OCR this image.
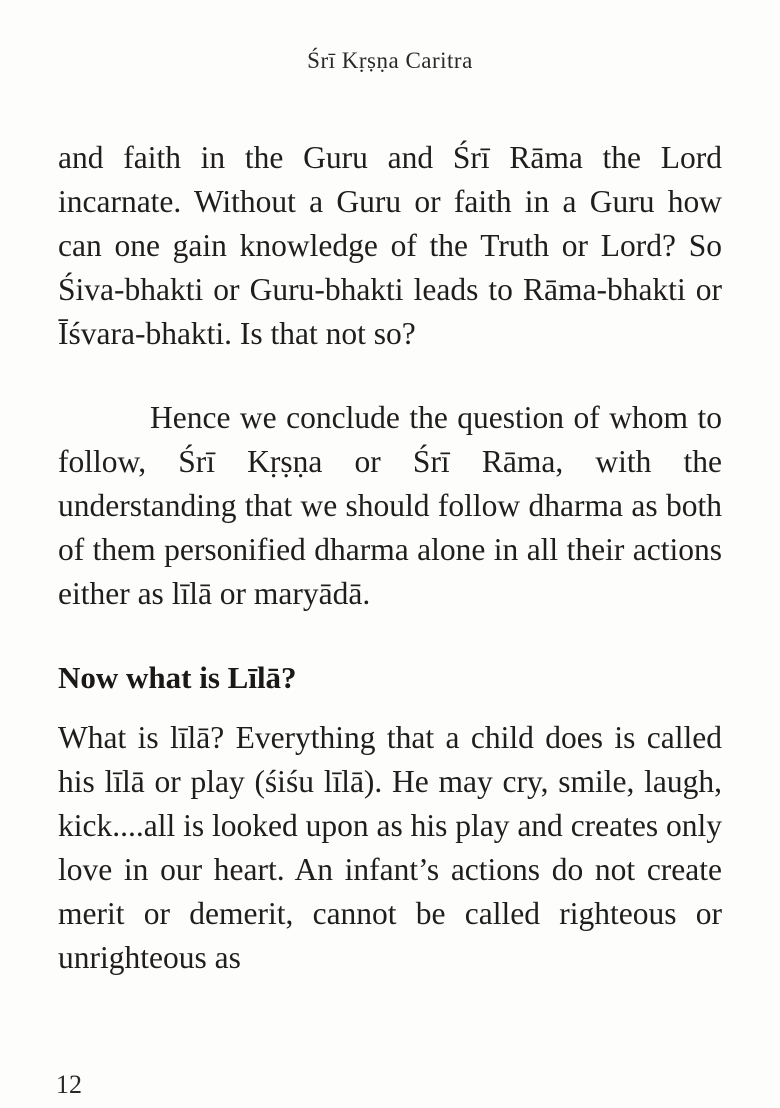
Śrī Kṛṣṇa Caritra

and faith in the Guru and Śrī Rāma the Lord incarnate. Without a Guru or faith in a Guru how can one gain knowledge of the Truth or Lord? So Śiva-bhakti or Guru-bhakti leads to Rāma-bhakti or Īśvara-bhakti. Is that not so?

Hence we conclude the question of whom to follow, Śrī Kṛṣṇa or Śrī Rāma, with the understanding that we should follow dharma as both of them personified dharma alone in all their actions either as līlā or maryādā.

Now what is Līlā?

What is līlā? Everything that a child does is called his līlā or play (śiśu līlā). He may cry, smile, laugh, kick....all is looked upon as his play and creates only love in our heart. An infant’s actions do not create merit or demerit, cannot be called righteous or unrighteous as

12
